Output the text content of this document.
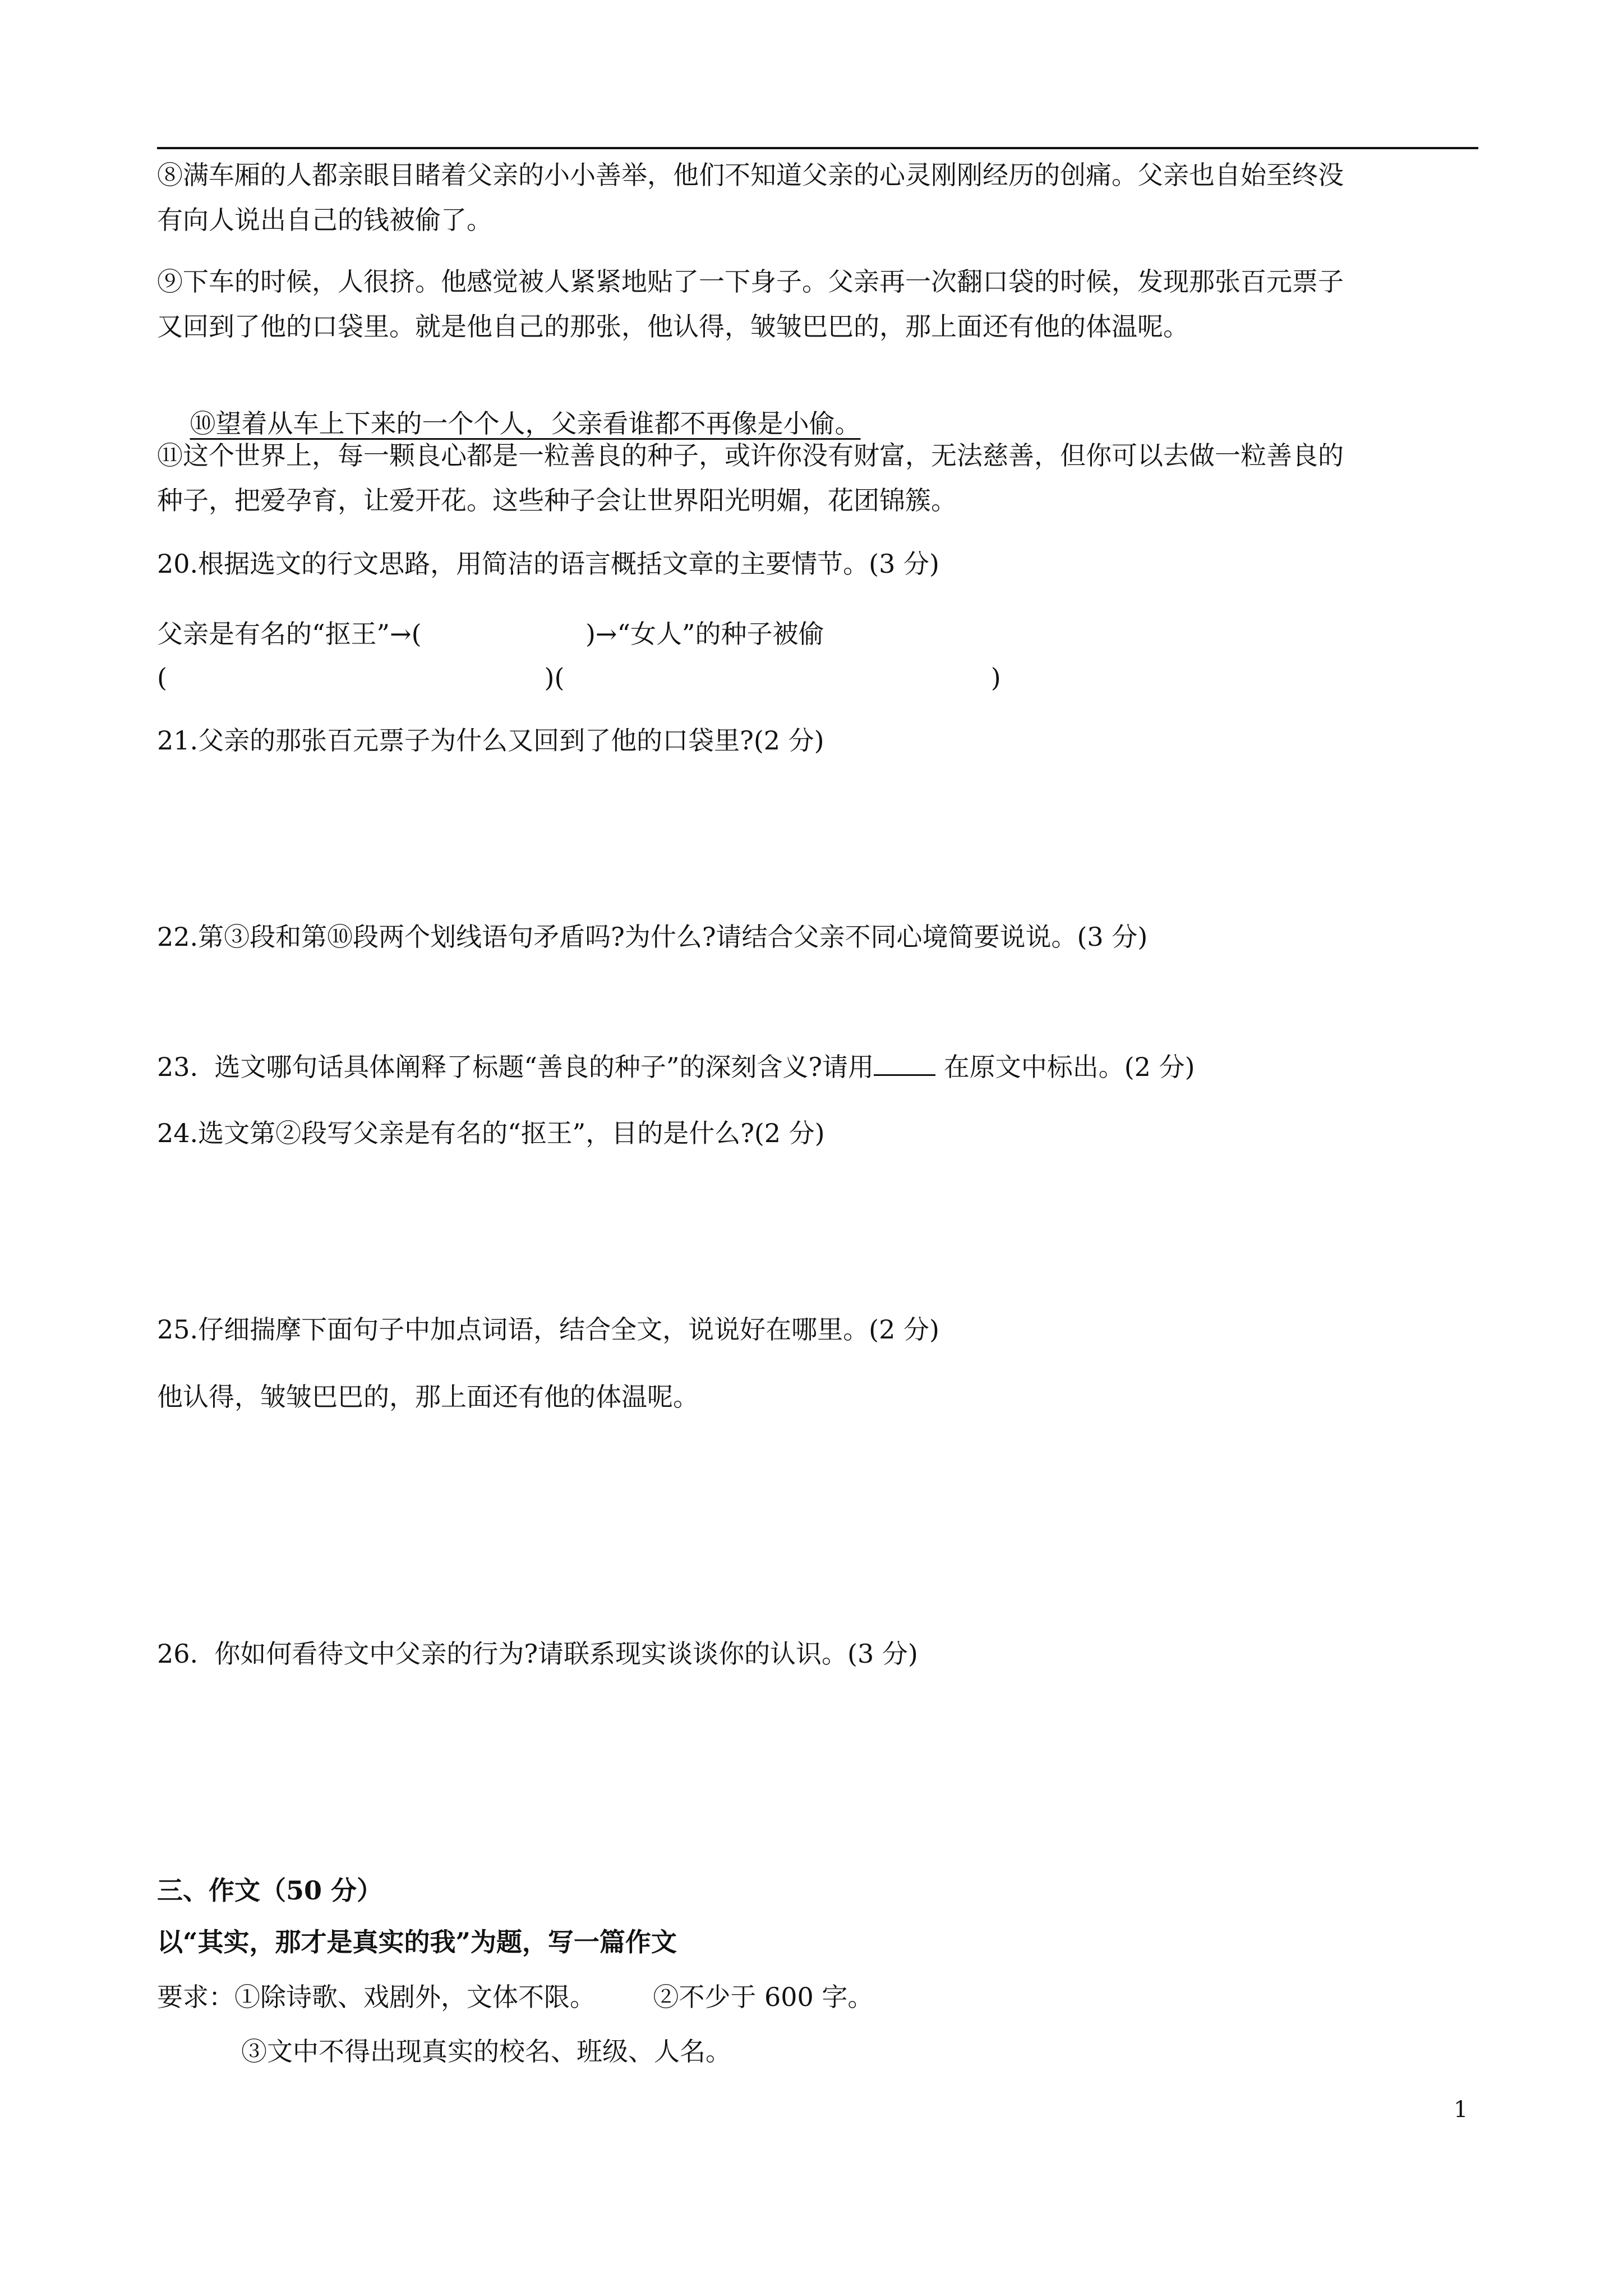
⑧满车厢的人都亲眼目睹着父亲的小小善举，他们不知道父亲的心灵刚刚经历的创痛。父亲也自始至终没
有向人说出自己的钱被偷了。
⑨下车的时候，人很挤。他感觉被人紧紧地贴了一下身子。父亲再一次翻口袋的时候，发现那张百元票子
又回到了他的口袋里。就是他自己的那张，他认得，皱皱巴巴的，那上面还有他的体温呢。

⑩望着从车上下来的一个个人，父亲看谁都不再像是小偷。

⑪这个世界上，每一颗良心都是一粒善良的种子，或许你没有财富，无法慈善，但你可以去做一粒善良的
种子，把爱孕育，让爱开花。这些种子会让世界阳光明媚，花团锦簇。
20.根据选文的行文思路，用简洁的语言概括文章的主要情节。(3 分)
父亲是有名的“抠王”→(                    )→“女人”的种子被偷
(                                              )(                                                    )
21.父亲的那张百元票子为什么又回到了他的口袋里?(2 分)
22.第③段和第⑩段两个划线语句矛盾吗?为什么?请结合父亲不同心境简要说说。(3 分)
23.  选文哪句话具体阐释了标题“善良的种子”的深刻含义?请用 在原文中标出。(2 分)
24.选文第②段写父亲是有名的“抠王”，目的是什么?(2 分)
25.仔细揣摩下面句子中加点词语，结合全文，说说好在哪里。(2 分)
他认得，皱皱巴巴的，那上面还有他的体温呢。
26.  你如何看待文中父亲的行为?请联系现实谈谈你的认识。(3 分)
三、作文（50 分）
以“其实，那才是真实的我”为题，写一篇作文
要求：①除诗歌、戏剧外，文体不限。       ②不少于 600 字。
③文中不得出现真实的校名、班级、人名。
1
